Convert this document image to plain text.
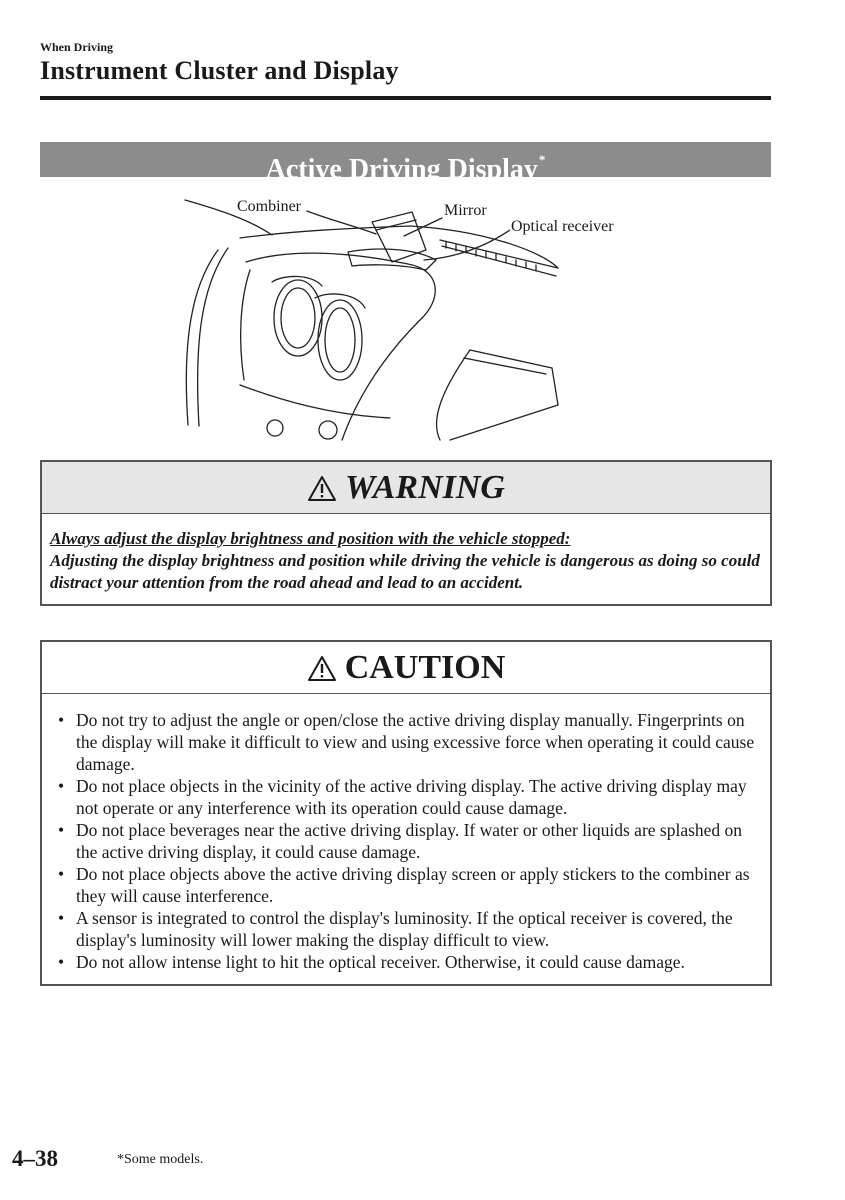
When Driving
Instrument Cluster and Display
Active Driving Display*
Combiner	Mirror
Optical receiver
WARNING
Always adjust the display brightness and position with the vehicle stopped:
Adjusting the display brightness and position while driving the vehicle is dangerous as doing so could distract your attention from the road ahead and lead to an accident.
CAUTION
• Do not try to adjust the angle or open/close the active driving display manually. Fingerprints on the display will make it difficult to view and using excessive force when operating it could cause damage.
• Do not place objects in the vicinity of the active driving display. The active driving display may not operate or any interference with its operation could cause damage.
• Do not place beverages near the active driving display. If water or other liquids are splashed on the active driving display, it could cause damage.
• Do not place objects above the active driving display screen or apply stickers to the combiner as they will cause interference.
• A sensor is integrated to control the display's luminosity. If the optical receiver is covered, the display's luminosity will lower making the display difficult to view.
• Do not allow intense light to hit the optical receiver. Otherwise, it could cause damage.
4–38	*Some models.
